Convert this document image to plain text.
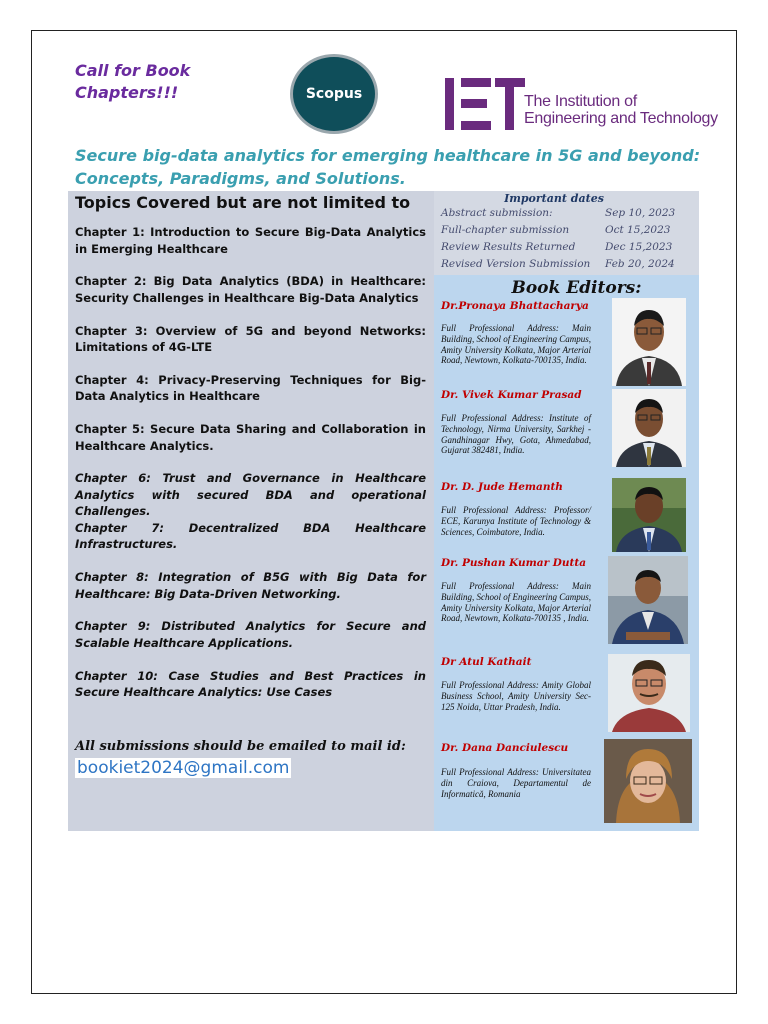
Call for Book
Chapters!!!	Scopus	The Institution of
Engineering and Technology
Secure big-data analytics for emerging healthcare in 5G and beyond: Concepts, Paradigms, and Solutions.
Topics Covered but are not limited to

Chapter 1: Introduction to Secure Big-Data Analytics in Emerging Healthcare

Chapter 2: Big Data Analytics (BDA) in Healthcare: Security Challenges in Healthcare Big-Data Analytics

Chapter 3: Overview of 5G and beyond Networks: Limitations of 4G-LTE

Chapter 4: Privacy-Preserving Techniques for Big-Data Analytics in Healthcare

Chapter 5: Secure Data Sharing and Collaboration in Healthcare Analytics.

Chapter 6: Trust and Governance in Healthcare Analytics with secured BDA and operational Challenges.

Chapter 7: Decentralized BDA Healthcare Infrastructures.

Chapter 8: Integration of B5G with Big Data for Healthcare: Big Data-Driven Networking.

Chapter 9: Distributed Analytics for Secure and Scalable Healthcare Applications.

Chapter 10: Case Studies and Best Practices in Secure Healthcare Analytics: Use Cases

All submissions should be emailed to mail id:
bookiet2024@gmail.com
Important dates
Abstract submission:	Sep 10, 2023
Full-chapter submission	Oct 15,2023
Review Results Returned	Dec 15,2023
Revised Version Submission Feb 20, 2024
Book Editors:
Dr.Pronaya Bhattacharya
Full Professional Address: Main Building, School of Engineering Campus, Amity University Kolkata, Major Arterial Road, Newtown, Kolkata-700135, India.
Dr. Vivek Kumar Prasad
Full Professional Address: Institute of Technology, Nirma University, Sarkhej - Gandhinagar Hwy, Gota, Ahmedabad, Gujarat 382481, India.
Dr. D. Jude Hemanth
Full Professional Address: Professor/ ECE, Karunya Institute of Technology & Sciences, Coimbatore, India.
Dr. Pushan Kumar Dutta
Full Professional Address: Main Building, School of Engineering Campus, Amity University Kolkata, Major Arterial Road, Newtown, Kolkata-700135 , India.
Dr Atul Kathait
Full Professional Address: Amity Global Business School, Amity University Sec-125 Noida, Uttar Pradesh, India.
Dr. Dana Danciulescu
Full Professional Address: Universitatea din Craiova, Departamentul de Informatică, Romania
